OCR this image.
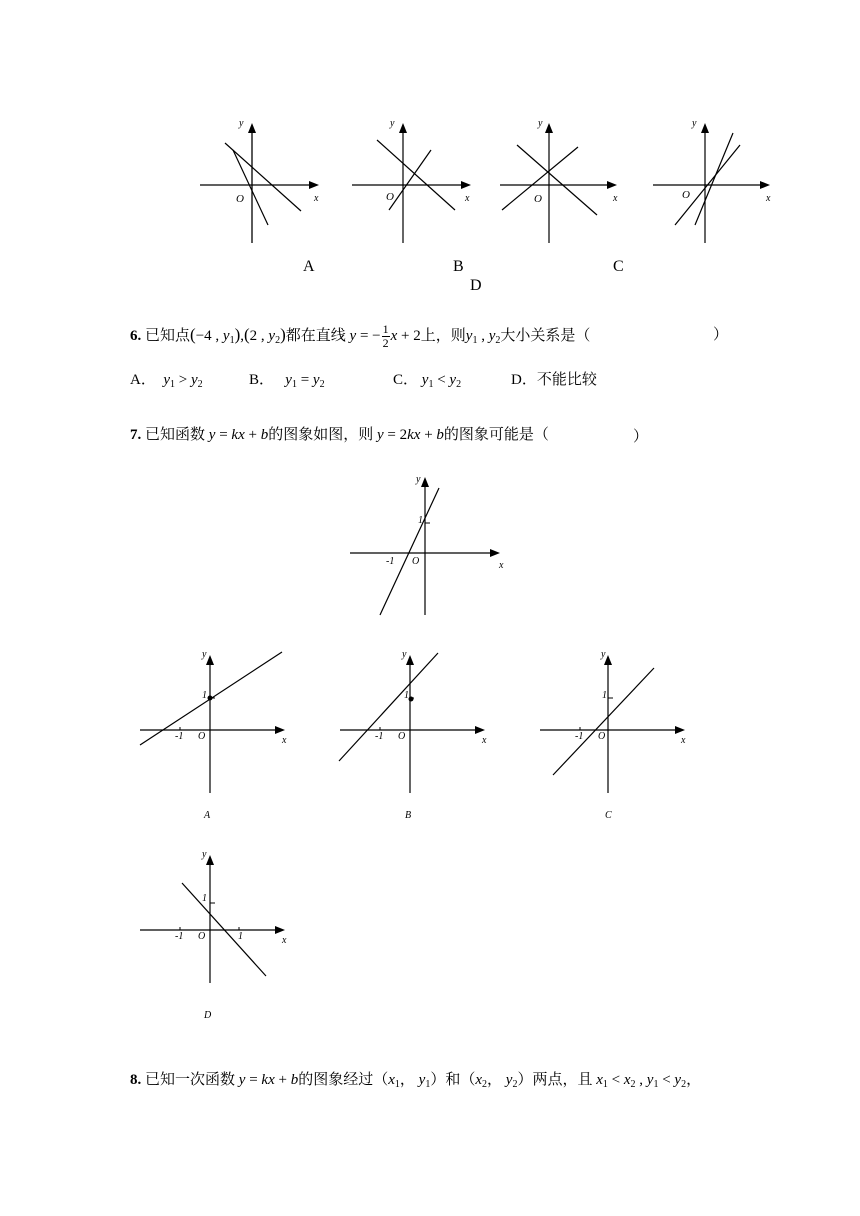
y
O	x
y
O	x
y
O	x
y
O	x
A	B	C
D
6. 已知点(−4 , $y_1),(2$ , $y_2$)都在直线 y = − $\frac{1}{2}$ x + 2上，则$y_1$ , $y_2$大小关系是（	）
A． $y_1 > y_2$	B． $y_1 = y_2$	C． $y_1 < y_2$	D．不能比较
7. 已知函数 y = kx + b的图象如图，则 y = 2kx + b的图象可能是（	）
y
x
O
-1
1
y
x
O
-1
1
A
y
x
O
-1
1
B
y
x
O
-1
1
C
y
x
O
-1
1
1
D
8. 已知一次函数 y = kx + b的图象经过（$x_1$， $y_1$）和（$x_2$， $y_2$）两点，且 $x_1 < x_2$ , $y_1 < y_2$，
